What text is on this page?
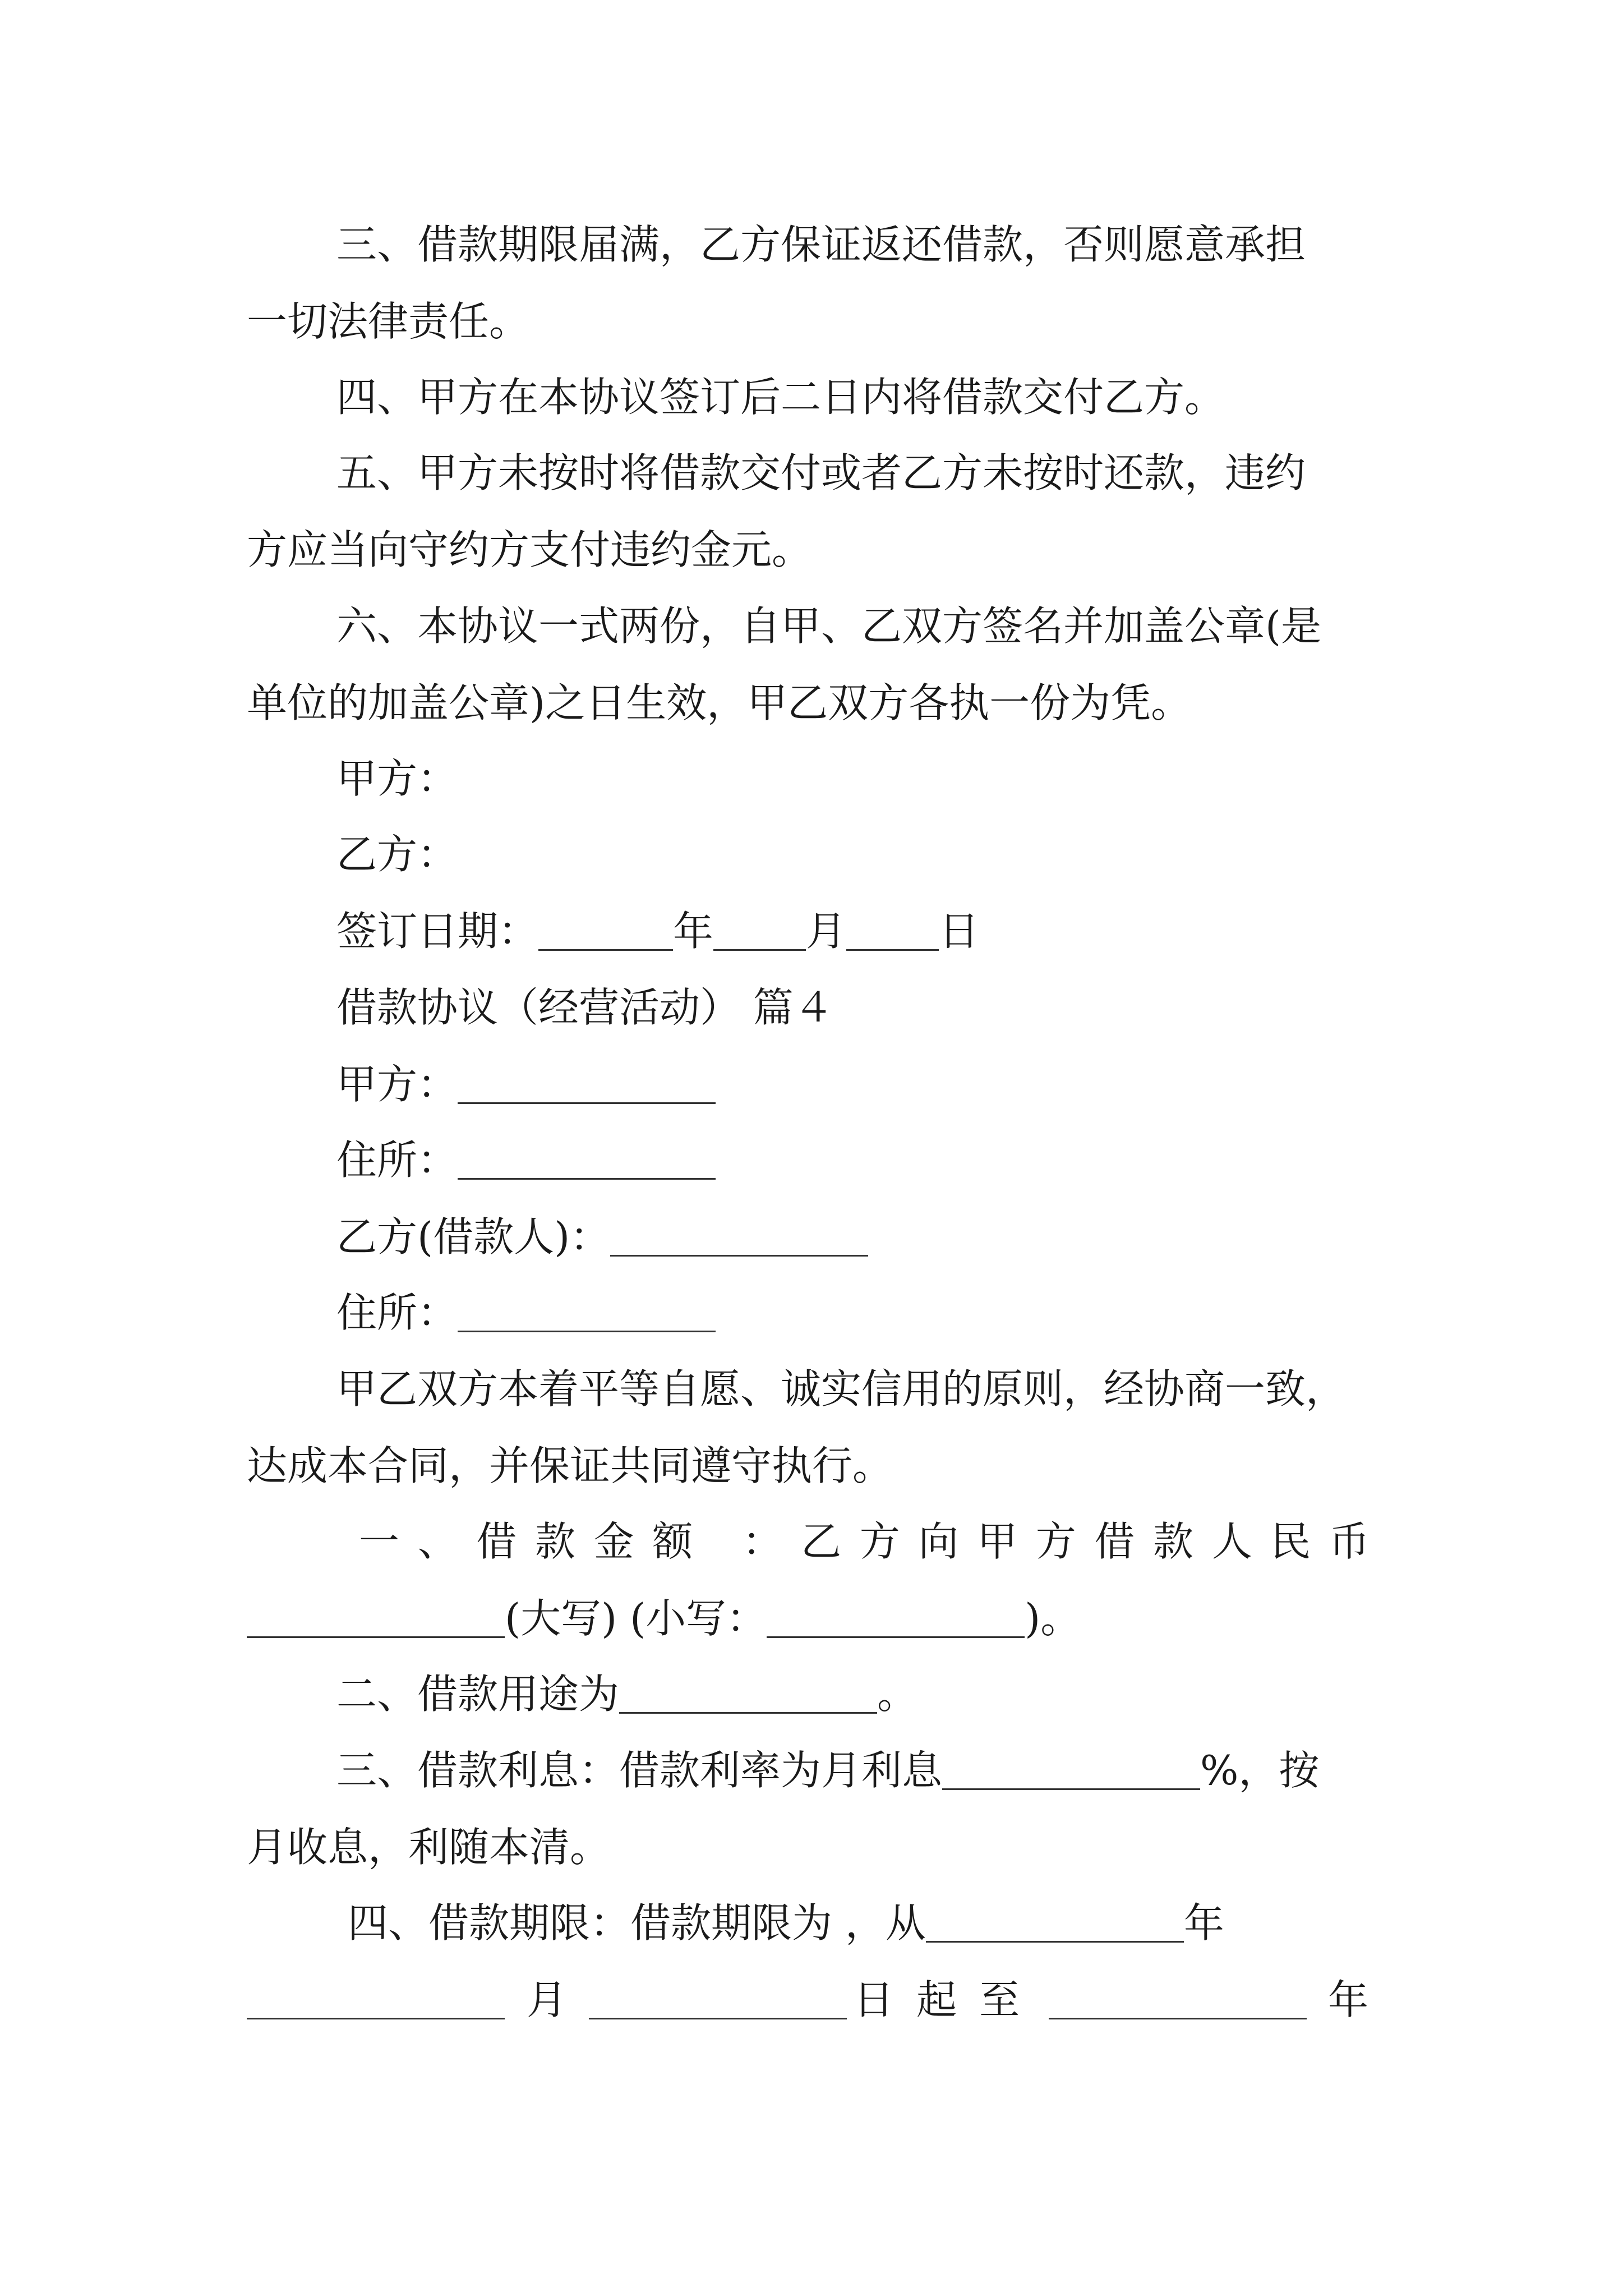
三、借款期限届满，乙方保证返还借款，否则愿意承担

一切法律责任。

四、甲方在本协议签订后二日内将借款交付乙方。

五、甲方未按时将借款交付或者乙方未按时还款，违约

方应当向守约方支付违约金元。

六、本协议一式两份，自甲、乙双方签名并加盖公章(是

单位的加盖公章)之日生效，甲乙双方各执一份为凭。

甲方：

乙方：

签订日期：	年 月 日

借款协议（经营活动） 篇４

甲方：

住所：

乙方(借款人)：

住所：

甲乙双方本着平等自愿、诚实信用的原则，经协商一致，

达成本合同，并保证共同遵守执行。

一、借款金额 ：乙方向甲方借款人民币

(大写) (小写：	)。

二、借款用途为	。

三、借款利息：借款利率为月利息	%，按

月收息，利随本清。

四、借款期限：借款期限为 ，从	年

月	日起至	年
